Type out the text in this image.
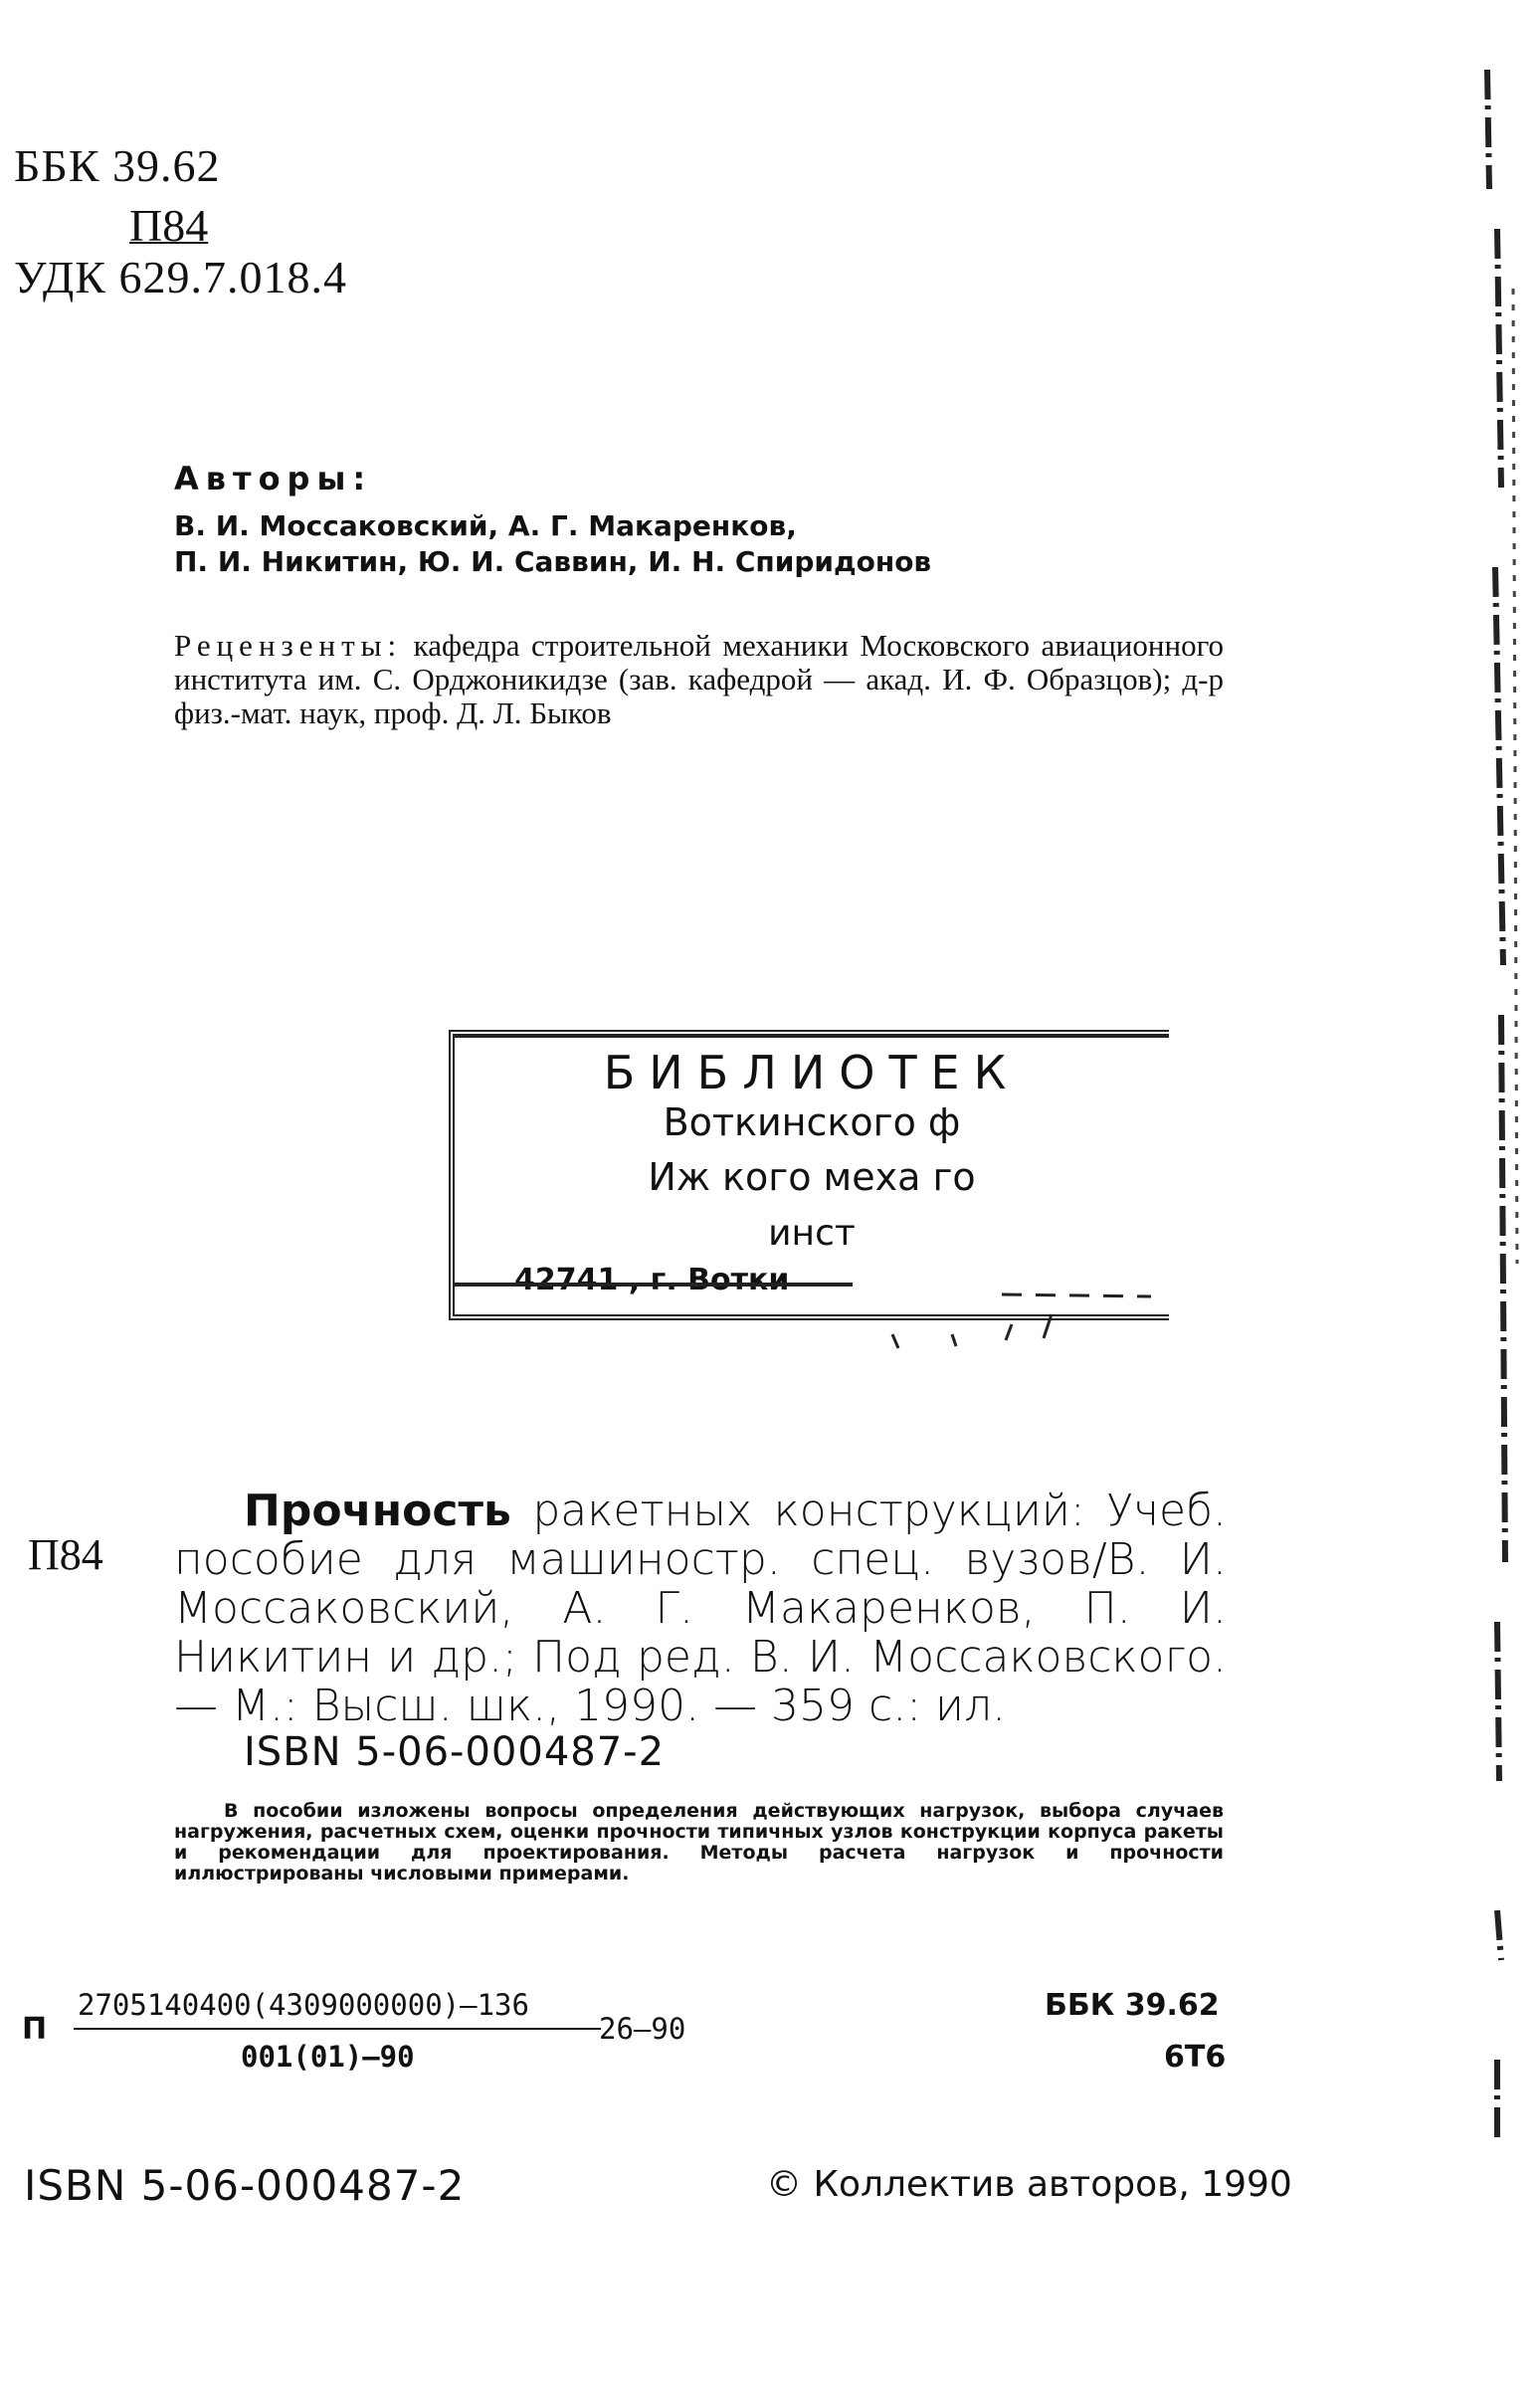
ББК 39.62
П84
УДК 629.7.018.4
Авторы:
В. И. Моссаковский, А. Г. Макаренков,
П. И. Никитин, Ю. И. Саввин, И. Н. Спиридонов
Рецензенты: кафедра строительной механики Московского авиационного института им. С. Орджоникидзе (зав. кафедрой — акад. И. Ф. Образцов); д-р физ.-мат. наук, проф. Д. Л. Быков
БИБЛИОТЕК
Воткинского ф
Иж кого меха го
инст
42741 , г. Вотки
П84
Прочность ракетных конструкций: Учеб. пособие для машиностр. спец. вузов/В. И. Моссаковский, А. Г. Макаренков, П. И. Никитин и др.; Под ред. В. И. Моссаковского. — М.: Высш. шк., 1990. — 359 с.: ил.
ISBN 5-06-000487-2
В пособии изложены вопросы определения действующих нагрузок, выбора случаев нагружения, расчетных схем, оценки прочности типичных узлов конструкции корпуса ракеты и рекомендации для проектирования. Методы расчета нагрузок и прочности иллюстрированы числовыми примерами.
П
2705140400(4309000000)—136
26—90
001(01)—90
ББК 39.62
6Т6
ISBN 5-06-000487-2	© Коллектив авторов, 1990
